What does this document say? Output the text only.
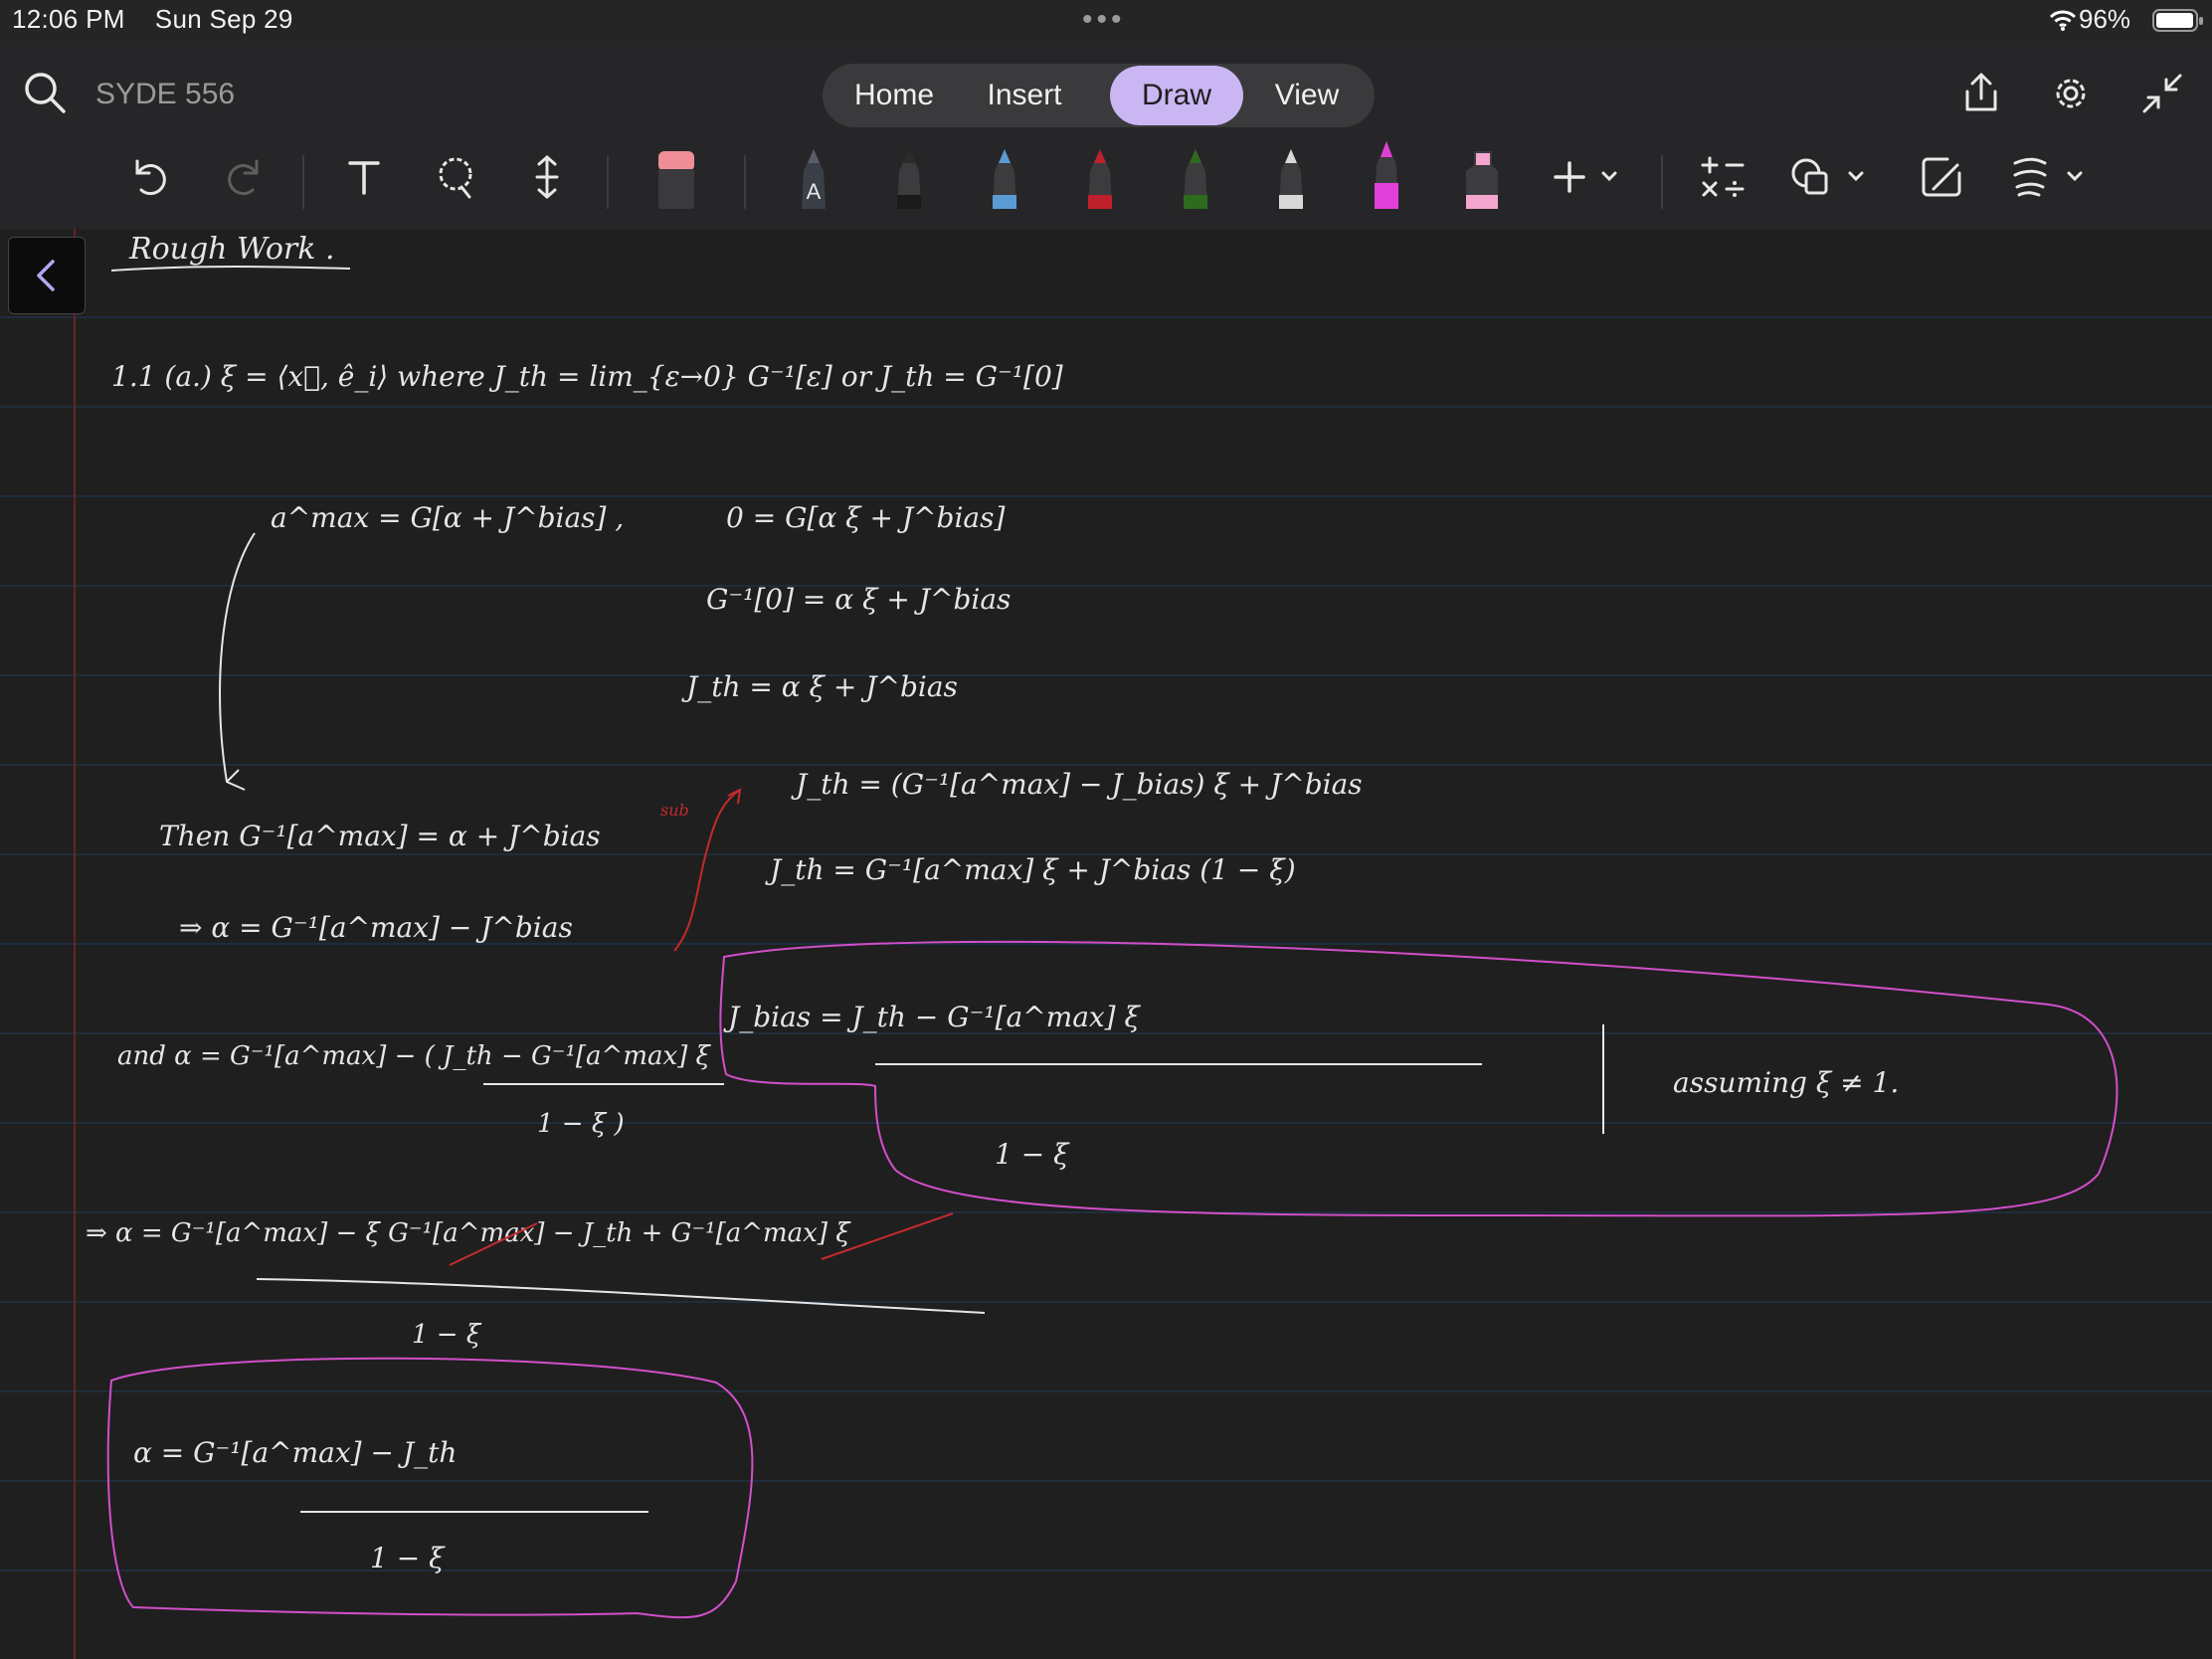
12:06 PM Sun Sep 29	•••	96%
SYDE 556	Home	Insert	Draw	View
A
Rough Work .
1.1 (a.) ξ = ⟨x⃗, ê_i⟩ where J_th = lim_{ε→0} G⁻¹[ε] or J_th = G⁻¹[0]
a^max = G[α + J^bias] ,	0 = G[α ξ + J^bias]
G⁻¹[0] = α ξ + J^bias
J_th = α ξ + J^bias
sub
J_th = (G⁻¹[a^max] − J_bias) ξ + J^bias
J_th = G⁻¹[a^max] ξ + J^bias (1 − ξ)
Then G⁻¹[a^max] = α + J^bias
⇒ α = G⁻¹[a^max] − J^bias
J_bias = J_th − G⁻¹[a^max] ξ
1 − ξ
assuming ξ ≠ 1.
and α = G⁻¹[a^max] − ( J_th − G⁻¹[a^max] ξ
1 − ξ )
⇒ α = G⁻¹[a^max] − ξ G⁻¹[a^max] − J_th + G⁻¹[a^max] ξ
1 − ξ
α = G⁻¹[a^max] − J_th
1 − ξ
